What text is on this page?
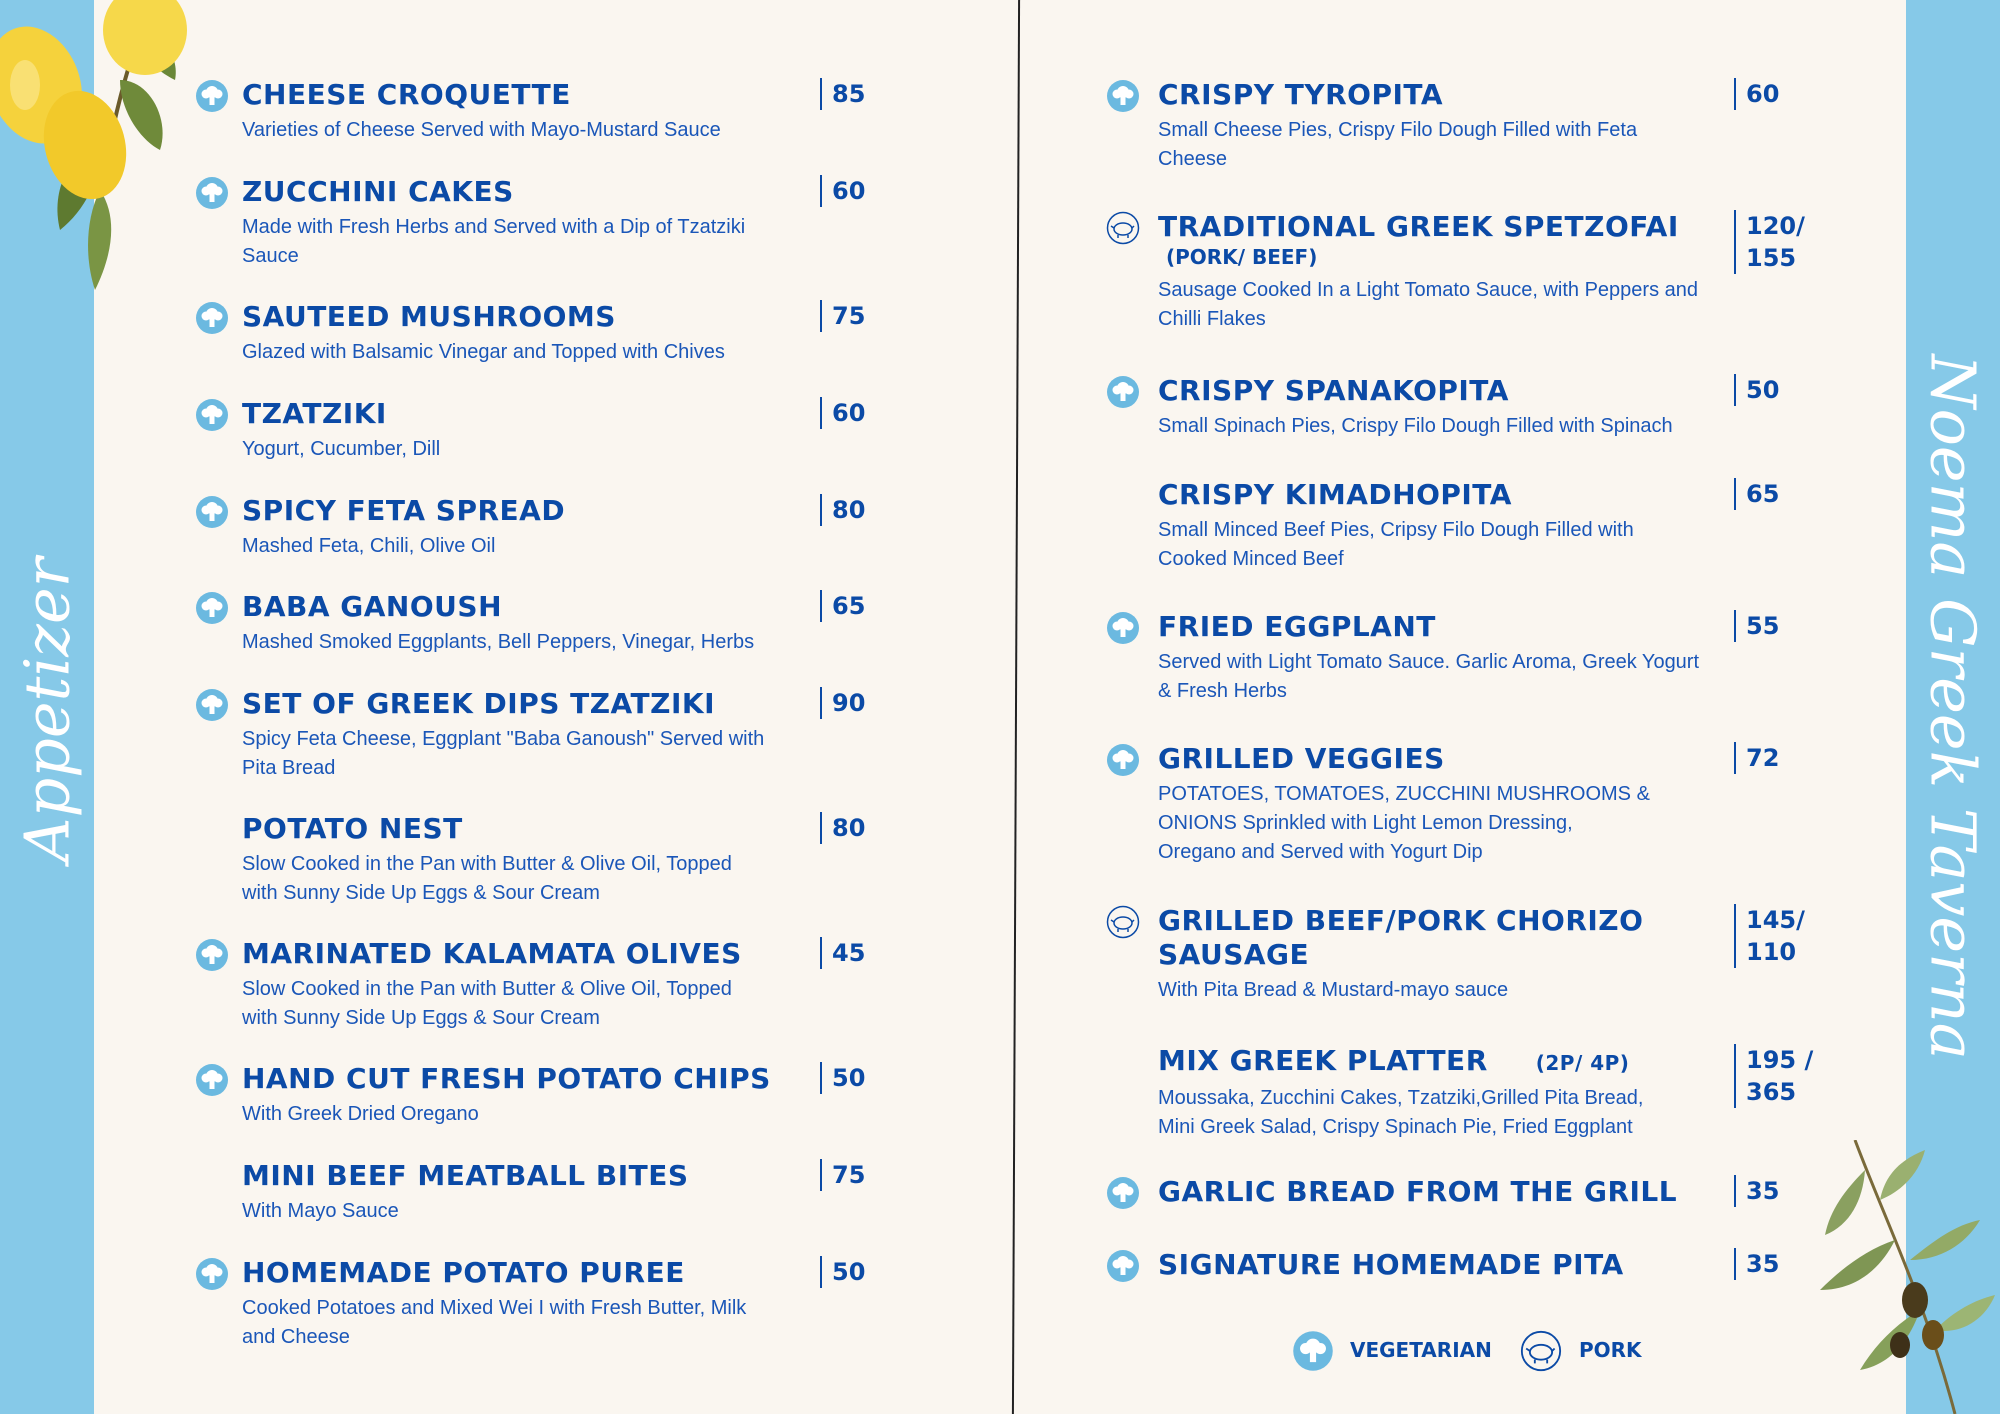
Appetizer	Noema Greek Taverna
CHEESE CROQUETTE
Varieties of Cheese Served with Mayo-Mustard Sauce
85
ZUCCHINI CAKES
Made with Fresh Herbs and Served with a Dip of Tzatziki
Sauce
60
SAUTEED MUSHROOMS
Glazed with Balsamic Vinegar and Topped with Chives
75
TZATZIKI
Yogurt, Cucumber, Dill
60
SPICY FETA SPREAD
Mashed Feta, Chili, Olive Oil
80
BABA GANOUSH
Mashed Smoked Eggplants, Bell Peppers, Vinegar, Herbs
65
SET OF GREEK DIPS TZATZIKI
Spicy Feta Cheese, Eggplant "Baba Ganoush" Served with
Pita Bread
90
POTATO NEST
Slow Cooked in the Pan with Butter & Olive Oil, Topped
with Sunny Side Up Eggs & Sour Cream
80
MARINATED KALAMATA OLIVES
Slow Cooked in the Pan with Butter & Olive Oil, Topped
with Sunny Side Up Eggs & Sour Cream
45
HAND CUT FRESH POTATO CHIPS
With Greek Dried Oregano
50
MINI BEEF MEATBALL BITES
With Mayo Sauce
75
HOMEMADE POTATO PUREE
Cooked Potatoes and Mixed Wei I with Fresh Butter, Milk
and Cheese
50
CRISPY TYROPITA
Small Cheese Pies, Crispy Filo Dough Filled with Feta
Cheese
60
TRADITIONAL GREEK SPETZOFAI
(PORK/ BEEF)
Sausage Cooked In a Light Tomato Sauce, with Peppers and
Chilli Flakes
120/
155
CRISPY SPANAKOPITA
Small Spinach Pies, Crispy Filo Dough Filled with Spinach
50
CRISPY KIMADHOPITA
Small Minced Beef Pies, Cripsy Filo Dough Filled with
Cooked Minced Beef
65
FRIED EGGPLANT
Served with Light Tomato Sauce. Garlic Aroma, Greek Yogurt
& Fresh Herbs
55
GRILLED VEGGIES
POTATOES, TOMATOES, ZUCCHINI MUSHROOMS &
ONIONS Sprinkled with Light Lemon Dressing,
Oregano and Served with Yogurt Dip
72
GRILLED BEEF/PORK CHORIZO
SAUSAGE
With Pita Bread & Mustard-mayo sauce
145/
110
MIX GREEK PLATTER (2P/ 4P)
Moussaka, Zucchini Cakes, Tzatziki,Grilled Pita Bread,
Mini Greek Salad, Crispy Spinach Pie, Fried Eggplant
195 /
365
GARLIC BREAD FROM THE GRILL	35
SIGNATURE HOMEMADE PITA	35
VEGETARIAN	PORK
